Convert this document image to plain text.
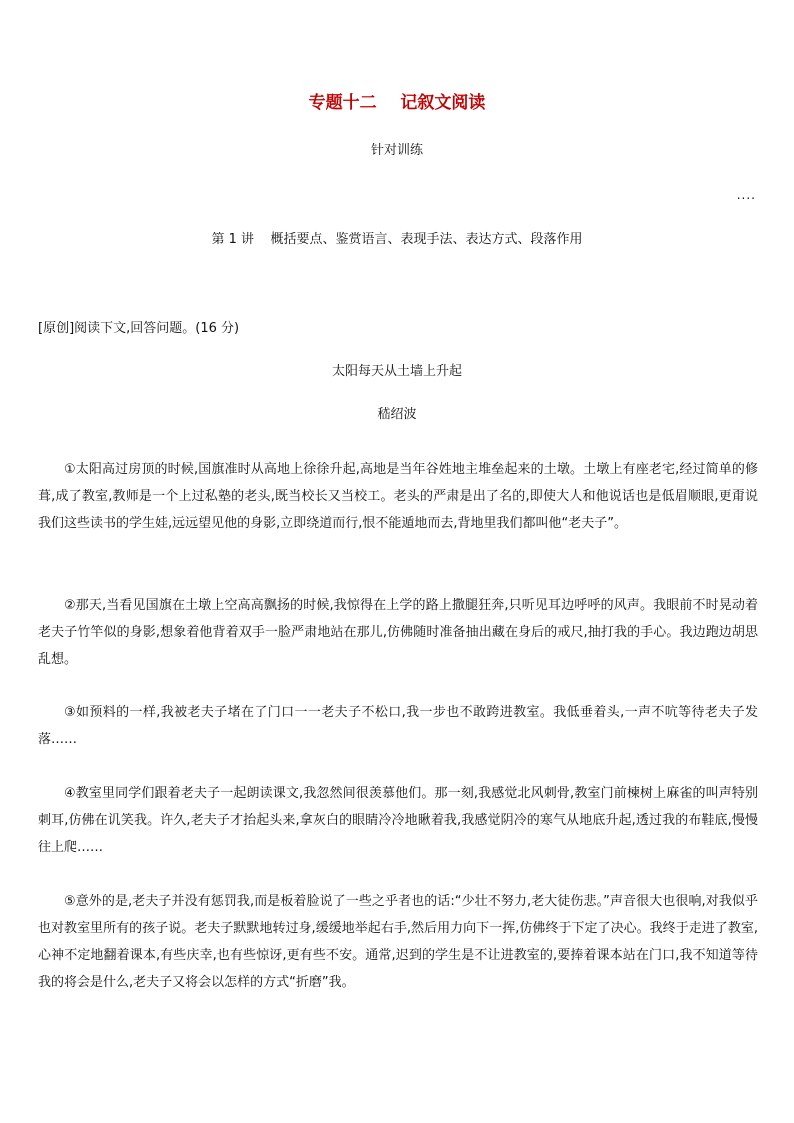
专题十二    记叙文阅读
针对训练
....
第 1 讲    概括要点、鉴赏语言、表现手法、表达方式、段落作用
[原创]阅读下文,回答问题。(16 分)
太阳每天从土墙上升起
嵇绍波

①太阳高过房顶的时候,国旗准时从高地上徐徐升起,高地是当年谷姓地主堆垒起来的土墩。土墩上有座老宅,经过简单的修葺,成了教室,教师是一个上过私塾的老头,既当校长又当校工。老头的严肃是出了名的,即使大人和他说话也是低眉顺眼,更甭说我们这些读书的学生娃,远远望见他的身影,立即绕道而行,恨不能遁地而去,背地里我们都叫他“老夫子”。

②那天,当看见国旗在土墩上空高高飘扬的时候,我惊得在上学的路上撒腿狂奔,只听见耳边呼呼的风声。我眼前不时晃动着老夫子竹竿似的身影,想象着他背着双手一脸严肃地站在那儿,仿佛随时准备抽出藏在身后的戒尺,抽打我的手心。我边跑边胡思乱想。

③如预料的一样,我被老夫子堵在了门口一一老夫子不松口,我一步也不敢跨进教室。我低垂着头,一声不吭等待老夫子发落……

④教室里同学们跟着老夫子一起朗读课文,我忽然间很羡慕他们。那一刻,我感觉北风刺骨,教室门前楝树上麻雀的叫声特别刺耳,仿佛在讥笑我。许久,老夫子才抬起头来,拿灰白的眼睛冷冷地瞅着我,我感觉阴冷的寒气从地底升起,透过我的布鞋底,慢慢往上爬……

⑤意外的是,老夫子并没有惩罚我,而是板着脸说了一些之乎者也的话:“少壮不努力,老大徒伤悲。”声音很大也很响,对我似乎也对教室里所有的孩子说。老夫子默默地转过身,缓缓地举起右手,然后用力向下一挥,仿佛终于下定了决心。我终于走进了教室,心神不定地翻着课本,有些庆幸,也有些惊讶,更有些不安。通常,迟到的学生是不让进教室的,要捧着课本站在门口,我不知道等待我的将会是什么,老夫子又将会以怎样的方式“折磨”我。
